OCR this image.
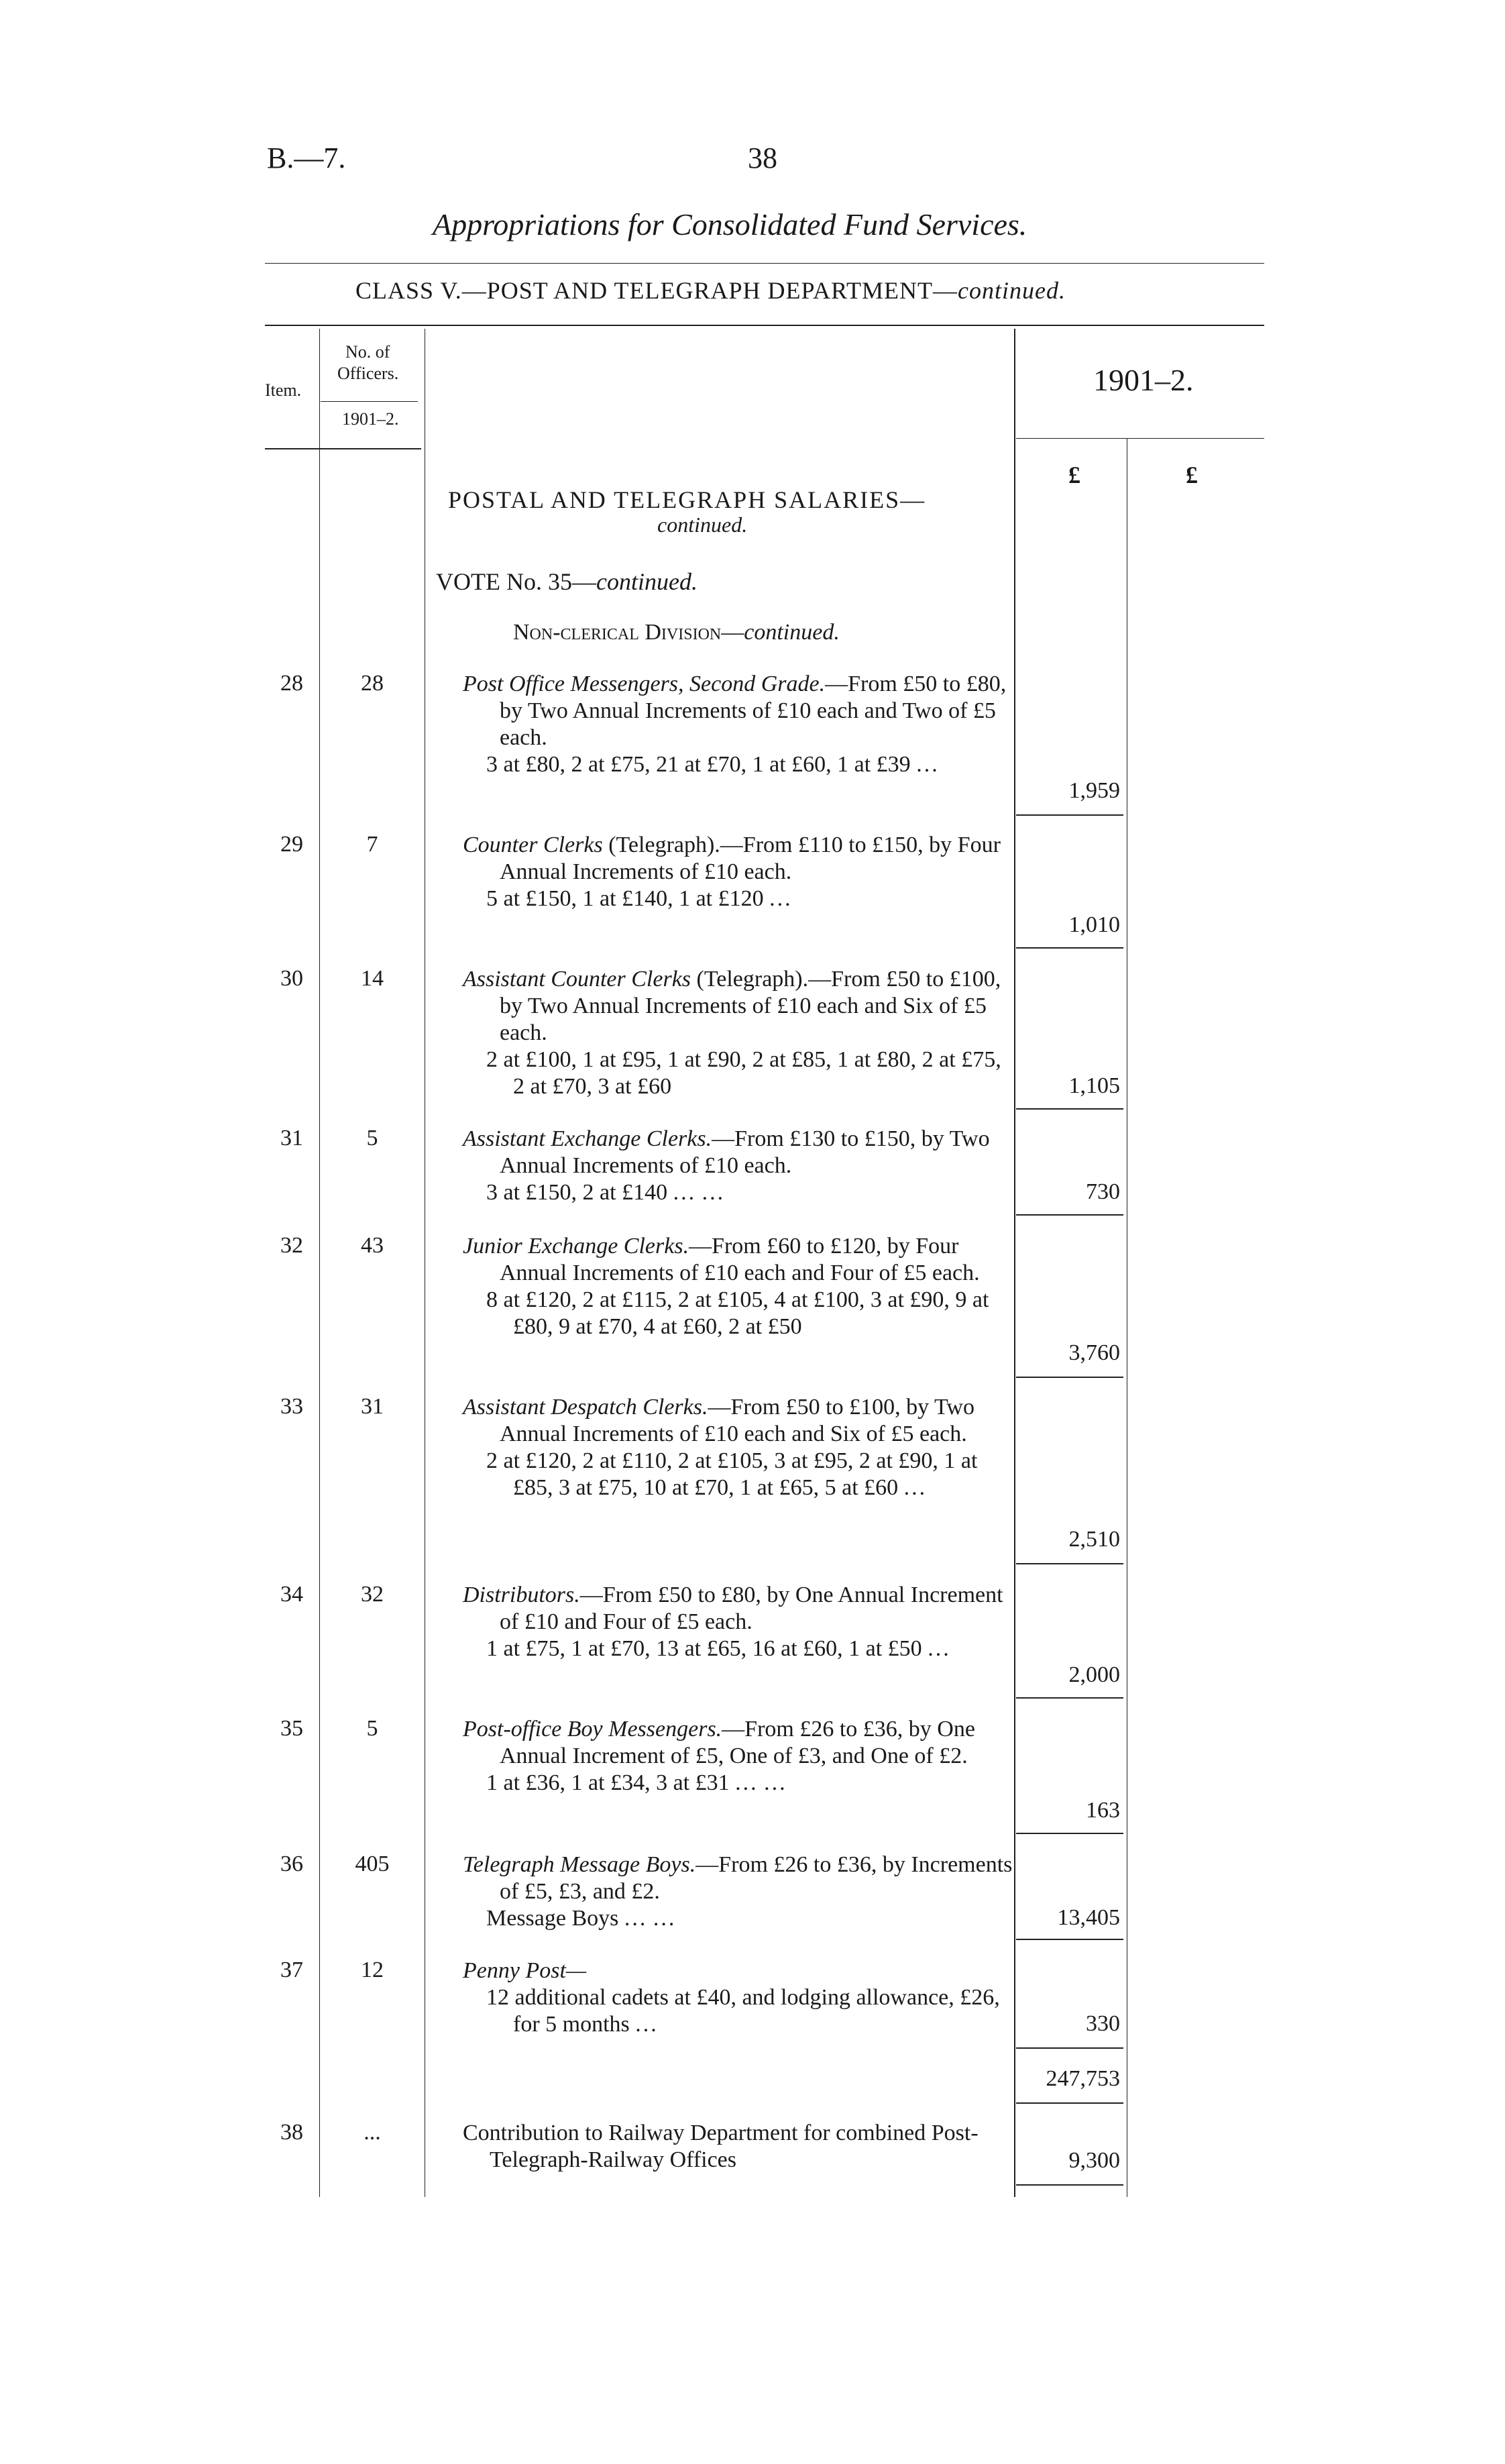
B.—7.	38
Appropriations for Consolidated Fund Services.
CLASS V.—POST AND TELEGRAPH DEPARTMENT—continued.
Item.
No. of
Officers.
1901–2.
1901–2.
£	£
POSTAL AND TELEGRAPH SALARIES—
continued.
VOTE No. 35—continued.
Non-clerical Division—continued.
28	28	Post Office Messengers, Second Grade.—From £50 to £80, by Two Annual Increments of £10 each and Two of £5 each.
3 at £80, 2 at £75, 21 at £70, 1 at £60, 1 at £39 ...
1,959
29	7	Counter Clerks (Telegraph).—From £110 to £150, by Four Annual Increments of £10 each.
5 at £150, 1 at £140, 1 at £120 ...
1,010
30	14	Assistant Counter Clerks (Telegraph).—From £50 to £100, by Two Annual Increments of £10 each and Six of £5 each.
2 at £100, 1 at £95, 1 at £90, 2 at £85, 1 at £80, 2 at £75, 2 at £70, 3 at £60	1,105
31	5	Assistant Exchange Clerks.—From £130 to £150, by Two Annual Increments of £10 each.
3 at £150, 2 at £140 ... ...	730
32	43	Junior Exchange Clerks.—From £60 to £120, by Four Annual Increments of £10 each and Four of £5 each.
8 at £120, 2 at £115, 2 at £105, 4 at £100, 3 at £90, 9 at £80, 9 at £70, 4 at £60, 2 at £50
3,760
33	31	Assistant Despatch Clerks.—From £50 to £100, by Two Annual Increments of £10 each and Six of £5 each.
2 at £120, 2 at £110, 2 at £105, 3 at £95, 2 at £90, 1 at £85, 3 at £75, 10 at £70, 1 at £65, 5 at £60 ...
2,510
34	32	Distributors.—From £50 to £80, by One Annual Increment of £10 and Four of £5 each.
1 at £75, 1 at £70, 13 at £65, 16 at £60, 1 at £50 ...
2,000
35	5	Post-office Boy Messengers.—From £26 to £36, by One Annual Increment of £5, One of £3, and One of £2.
1 at £36, 1 at £34, 3 at £31 ... ...
163
36	405	Telegraph Message Boys.—From £26 to £36, by Increments of £5, £3, and £2.
Message Boys ... ...	13,405
37	12	Penny Post—
12 additional cadets at £40, and lodging allowance, £26, for 5 months ...	330
247,753
38	...	Contribution to Railway Department for combined Post-Telegraph-Railway Offices	9,300
